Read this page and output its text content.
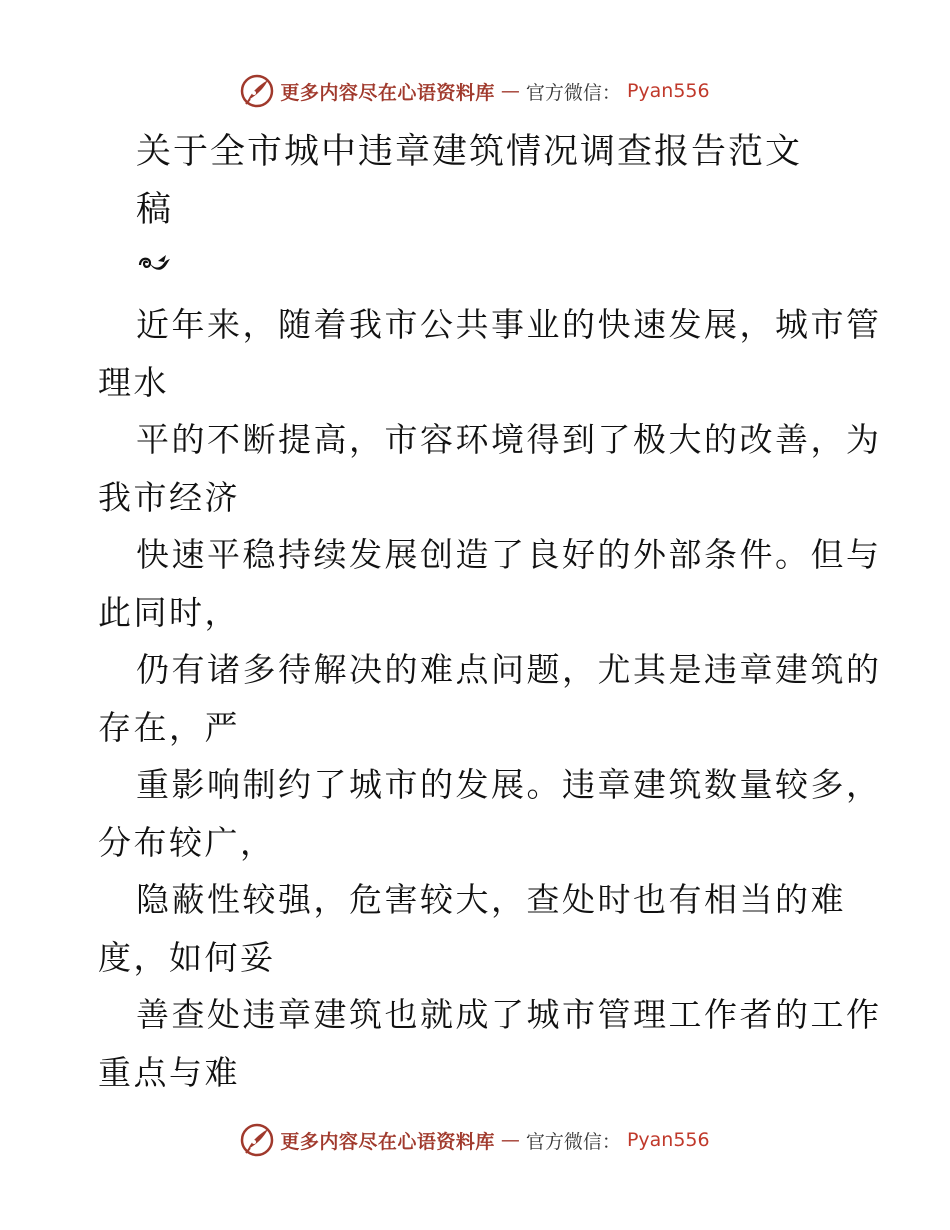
更多内容尽在心语资料库 — 官方微信： Pyan556
关于全市城中违章建筑情况调查报告范文
稿
近年来，随着我市公共事业的快速发展，城市管
理水
平的不断提高，市容环境得到了极大的改善，为
我市经济
快速平稳持续发展创造了良好的外部条件。但与
此同时，
仍有诸多待解决的难点问题，尤其是违章建筑的
存在，严
重影响制约了城市的发展。违章建筑数量较多，
分布较广，
隐蔽性较强，危害较大，查处时也有相当的难
度，如何妥
善查处违章建筑也就成了城市管理工作者的工作
重点与难
更多内容尽在心语资料库 — 官方微信： Pyan556
